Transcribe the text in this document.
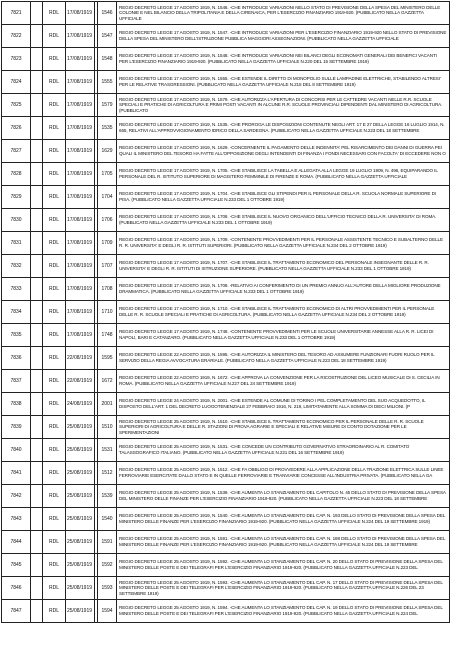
7821		RDL	17/08/1919		1546	REGIO DECRETO LEGGE 17 AGOSTO 1919, N. 1546. -CHE INTRODUCE VARIAZIONI NELLO STATO DI PREVISIONE DELLA SPESA DEL MINISTERO DELLE COLONIE E NEL BILANCIO DELLA TRIPOLITANIA E DELLA CIRENAICA, PER L'ESERCIZIO FINANZIARIO 1919-920. (PUBBLICATO NELLA GAZZETTA UFFICIALE
7822		RDL	17/08/1919		1547	REGIO DECRETO LEGGE 17 AGOSTO 1919, N. 1547. -CHE INTRODUCE VARIAZIONI PER L'ESERCIZIO FINANZIARIO 1919-920 NELLO STATO DI PREVISIONE DELLA SPESA DEL MINISTERO DELL'ISTRUZIONE PUBBLICA MAGGIORI ASSEGNAZIONI. (PUBBLICATO NELLA GAZZETTA UFFICIALE
7823		RDL	17/08/1919		1548	REGIO DECRETO LEGGE 17 AGOSTO 1919, N. 1548. -CHE INTRODUCE VARIAZIONI NEI BILANCI DEGLI ECONOMATI GENERALI DEI BENEFICI VACANTI PER L'ESERCIZIO FINANZIARIO 1919-920. (PUBBLICATO NELLA GAZZETTA UFFICIALE N.220 DEL 15 SETTEMBRE 1919)
7824		RDL	17/08/1919		1555	REGIO DECRETO LEGGE 17 AGOSTO 1919, N. 1555. -CHE ESTENDE IL DIRITTO DI MONOPOLIO SULLE LAMPADINE ELETTRICHE, STABILENDO ALTRESI' PER LE RELATIVE TRASGRESSIONI. (PUBBLICATO NELLA GAZZETTA UFFICIALE N.215 DEL 8 SETTEMBRE 1919)
7825		RDL	17/08/1919		1579	REGIO DECRETO LEGGE 17 AGOSTO 1919, N. 1579. -CHE AUTORIZZA L'APERTURA DI CONCORSI PER LE CATTEDRE VACANTI NELLE R.R. SCUOLE SPECIALI E PRATICHE DI AGRICOLTURA E PRIMI POSTI VACANTI IN ALCUNE R.R. SCUOLE PROVINCIALI DIPENDENTI DAL MINISTERO DI AGRICOLTURA. (PUBBLICATO
7826		RDL	17/08/1919		1535	REGIO DECRETO LEGGE 17 AGOSTO 1919, N. 1535. -CHE PROROGA LE DISPOSIZIONI CONTENUTE NEGLI ART. 17 E 27 DELLA LEGGE 16 LUGLIO 1914, N. 665, RELATIVI ALL'APPROVVIGIONAMENTO IDRICO DELLA SARDEGNA. (PUBBLICATO NELLA GAZZETTA UFFICIALE N.223 DEL 18 SETTEMBRE
7827		RDL	17/08/1919		1629	REGIO DECRETO LEGGE 17 AGOSTO 1919, N. 1629. -CONCERNENTE IL PAGAMENTO DELLE INDENNITA' PEL RISARCIMENTO DEI DANNI DI GUERRA PEI QUALI IL MINISTERO DEL TESORO HA FATTE ALL'OPPOSIZIONE DEGLI INTENDENTI DI FINANZA I FONDI NECESSARI CON FACOLTA' DI ECCEDERE NON O
7828		RDL	17/08/1919		1705	REGIO DECRETO LEGGE 17 AGOSTO 1919, N. 1705. -CHE STABILISCE LA TABELLA E ALLEGATA ALLA LEGGE 19 LUGLIO 1909, N. 496, EQUIPARANDO IL PERSONALE DEL R. ISTITUTO SUPERIORE DI MAGISTERO FEMMINILE DI FIRENZE E ROMA. (PUBBLICATO NELLA GAZZETTA UFFICIALE
7829		RDL	17/08/1919		1704	REGIO DECRETO LEGGE 17 AGOSTO 1919, N. 1704. -CHE STABILISCE GLI STIPENDI PER IL PERSONALE DELLA R. SCUOLA NORMALE SUPERIORE DI PISA. (PUBBLICATO NELLA GAZZETTA UFFICIALE N.233 DEL 1 OTTOBRE 1919)
7830		RDL	17/08/1919		1706	REGIO DECRETO LEGGE 17 AGOSTO 1919, N. 1706. -CHE STABILISCE IL NUOVO ORGANICO DELL'UFFICIO TECNICO DELLA R. UNIVERSITA' DI ROMA. (PUBBLICATO NELLA GAZZETTA UFFICIALE N.233 DEL 1 OTTOBRE 1919)
7831		RDL	17/08/1919		1709	REGIO DECRETO LEGGE 17 AGOSTO 1919, N. 1709. -CONTENENTE PROVVEDIMENTI PER IL PERSONALE ASSISTENTE TECNICO E SUBALTERNO DELLE R. R. UNIVERSITA' E DEGLI R. R. ISTITUTI SUPERIORI. (PUBBLICATO NELLA GAZZETTA UFFICIALE N.234 DEL 2 OTTOBRE 1919)
7832		RDL	17/08/1919		1707	REGIO DECRETO LEGGE 17 AGOSTO 1919, N. 1707. -CHE STABILISCE IL TRATTAMENTO ECONOMICO DEL PERSONALE INSEGNANTE DELLE R. R. UNIVERSITA' E DEGLI R. R. ISTITUTI DI ISTRUZIONE SUPERIORE. (PUBBLICATO NELLA GAZZETTA UFFICIALE N.233 DEL 1 OTTOBRE 1919)
7833		RDL	17/08/1919		1708	REGIO DECRETO LEGGE 17 AGOSTO 1919, N. 1708. -RELATIVO AI CONFERIMENTO DI UN PREMIO ANNUO ALL'AUTORE DELLA MIGLIORE PRODUZIONE DRAMMATICA. (PUBBLICATO NELLA GAZZETTA UFFICIALE N.233 DEL 1 OTTOBRE 1919)
7834		RDL	17/08/1919		1710	REGIO DECRETO LEGGE 17 AGOSTO 1919, N. 1710. -CHE STABILISCE IL TRATTAMENTO ECONOMICO DI ALTRI PROVVEDIMENTI PER IL PERSONALE DELLE R. R. SCUOLE SPECIALI E PRATICHE DI AGRICOLTURA. (PUBBLICATO NELLA GAZZETTA UFFICIALE N.234 DEL 2 OTTOBRE 1919)
7835		RDL	17/08/1919		1748	REGIO DECRETO LEGGE 17 AGOSTO 1919, N. 1748. -CONTENENTE PROVVEDIMENTI PER LE SCUOLE UNIVERSITARIE ANNESSE ALLA R. R. LICEI DI NAPOLI, BARI E CATANZARO. (PUBBLICATO NELLA GAZZETTA UFFICIALE N.233 DEL 1 OTTOBRE 1919)
7836		RDL	22/08/1919		1595	REGIO DECRETO LEGGE 22 AGOSTO 1919, N. 1595. -CHE AUTORIZZA IL MINISTERO DEL TESORO AD ASSUMERE FUNZIONARI FUORI RUOLO PER IL SERVIZIO DELLA REGIA AVVOCATURA ERARIALE. (PUBBLICATO NELLA GAZZETTA UFFICIALE N.223 DEL 18 SETTEMBRE 1919)
7837		RDL	22/08/1919		1672	REGIO DECRETO LEGGE 22 AGOSTO 1919, N. 1672. -CHE APPROVA LA CONVENZIONE PER LA RICOSTRUZIONE DEL LICEO MUSICALE DI S. CECILIA IN ROMA. (PUBBLICATO NELLA GAZZETTA UFFICIALE N.227 DEL 24 SETTEMBRE 1919)
7838		RDL	24/08/1919		2001	REGIO DECRETO LEGGE 24 AGOSTO 1919, N. 2001. -CHE ESTENDE AL COMUNE DI TORINO I PEL COMPLETAMENTO DEL SUO ACQUEDOTTO, IL DISPOSTO DELL'ART. 1 DEL DECRETO LUOGOTENENZIALE 27 FEBBRAIO 1916, N. 219, LIMITATAMENTE ALLA SOMMA DI DIECI MILIONI. (P
7839		RDL	25/08/1919		1510	REGIO DECRETO LEGGE 25 AGOSTO 1919, N. 1510. -CHE STABILISCE IL TRATTAMENTO ECONOMICO PER IL PERSONALE DELLE R. R. SCUOLE SUPERIORI DI AGRICOLTURA E DELLE R. STAZIONI DI PROVA AGRARIE E SPECIALI E RELATIVE MISURE DI CONTO DOTAZIONE PER LE SPERIMENTAZIONI
7840		RDL	25/08/1919		1531	REGIO DECRETO LEGGE 25 AGOSTO 1919, N. 1531. -CHE CONCEDE UN CONTRIBUTO GOVERNATIVO STRAORDINARIO AL R. COMITATO TALASSOGRAFICO ITALIANO. (PUBBLICATO NELLA GAZZETTA UFFICIALE N.221 DEL 16 SETTEMBRE 1919)
7841		RDL	25/08/1919		1512	REGIO DECRETO LEGGE 25 AGOSTO 1919, N. 1512. -CHE FA OBBLIGO DI PROVVEDERE ALLA APPLICAZIONE DELLA TRAZIONE ELETTRICA SULLE LINEE FERROVIARIE ESERCITATE DALLO STATO E IN QUELLE FERROVIARIE E TRANVIARIE CONCESSE ALL'INDUSTRIA PRIVATA. (PUBBLICATO NELLA GA
7842		RDL	25/08/1919		1539	REGIO DECRETO LEGGE 25 AGOSTO 1919, N. 1539. -CHE AUMENTA LO STANZIAMENTO DEL CAPITOLO N. 45 DELLO STATO DI PREVISIONE DELLA SPESA DEL MINISTERO DELLE FINANZE PER L'ESERCIZIO FINANZIARIO 1919-920. (PUBBLICATO NELLA GAZZETTA UFFICIALE N.223 DEL 18 SETTEMBRE
7843		RDL	25/08/1919		1540	REGIO DECRETO LEGGE 25 AGOSTO 1919, N. 1540. -CHE AUMENTA LO STANZIAMENTO DEL CAP. N. 193 DELLO STATO DI PREVISIONE DELLA SPESA DEL MINISTERO DELLE FINANZE PER L'ESERCIZIO FINANZIARIO 1919-920. (PUBBLICATO NELLA GAZZETTA UFFICIALE N.224 DEL 19 SETTEMBRE 1919)
7844		RDL	25/08/1919		1591	REGIO DECRETO LEGGE 25 AGOSTO 1919, N. 1591. -CHE AUMENTA LO STANZIAMENTO DEL CAP. N. 188 DELLO STATO DI PREVISIONE DELLA SPESA DEL MINISTERO DELLE FINANZE PER L'ESERCIZIO FINANZIARIO 1919-920. (PUBBLICATO NELLA GAZZETTA UFFICIALE N.224 DEL 19 SETTEMBRE
7845		RDL	25/08/1919		1592	REGIO DECRETO LEGGE 25 AGOSTO 1919, N. 1592. -CHE AUMENTA LO STANZIAMENTO DEL CAP. N. 20 DELLO STATO DI PREVISIONE DELLA SPESA DEL MINISTERO DELLE POSTE E DEI TELEGRAFI PER L'ESERCIZIO FINANZIARIO 1919-920. (PUBBLICATO NELLA GAZZETTA UFFICIALE N.223 DEL
7846		RDL	25/08/1919		1593	REGIO DECRETO LEGGE 25 AGOSTO 1919, N. 1593. -CHE AUMENTA LO STANZIAMENTO DEL CAP. N. 17 DELLO STATO DI PREVISIONE DELLA SPESA DEL MINISTERO DELLE POSTE E DEI TELEGRAFI PER L'ESERCIZIO FINANZIARIO 1919-920. (PUBBLICATO NELLA GAZZETTA UFFICIALE N.226 DEL 23 SETTEMBRE 1919)
7847		RDL	25/08/1919		1594	REGIO DECRETO LEGGE 25 AGOSTO 1919, N. 1594. -CHE AUMENTA LO STANZIAMENTO DEL CAP. N. 19 DELLO STATO DI PREVISIONE DELLA SPESA DEL MINISTERO DELLE POSTE E DEI TELEGRAFI PER L'ESERCIZIO FINANZIARIO 1919-920. (PUBBLICATO NELLA GAZZETTA UFFICIALE N.224 DEL
